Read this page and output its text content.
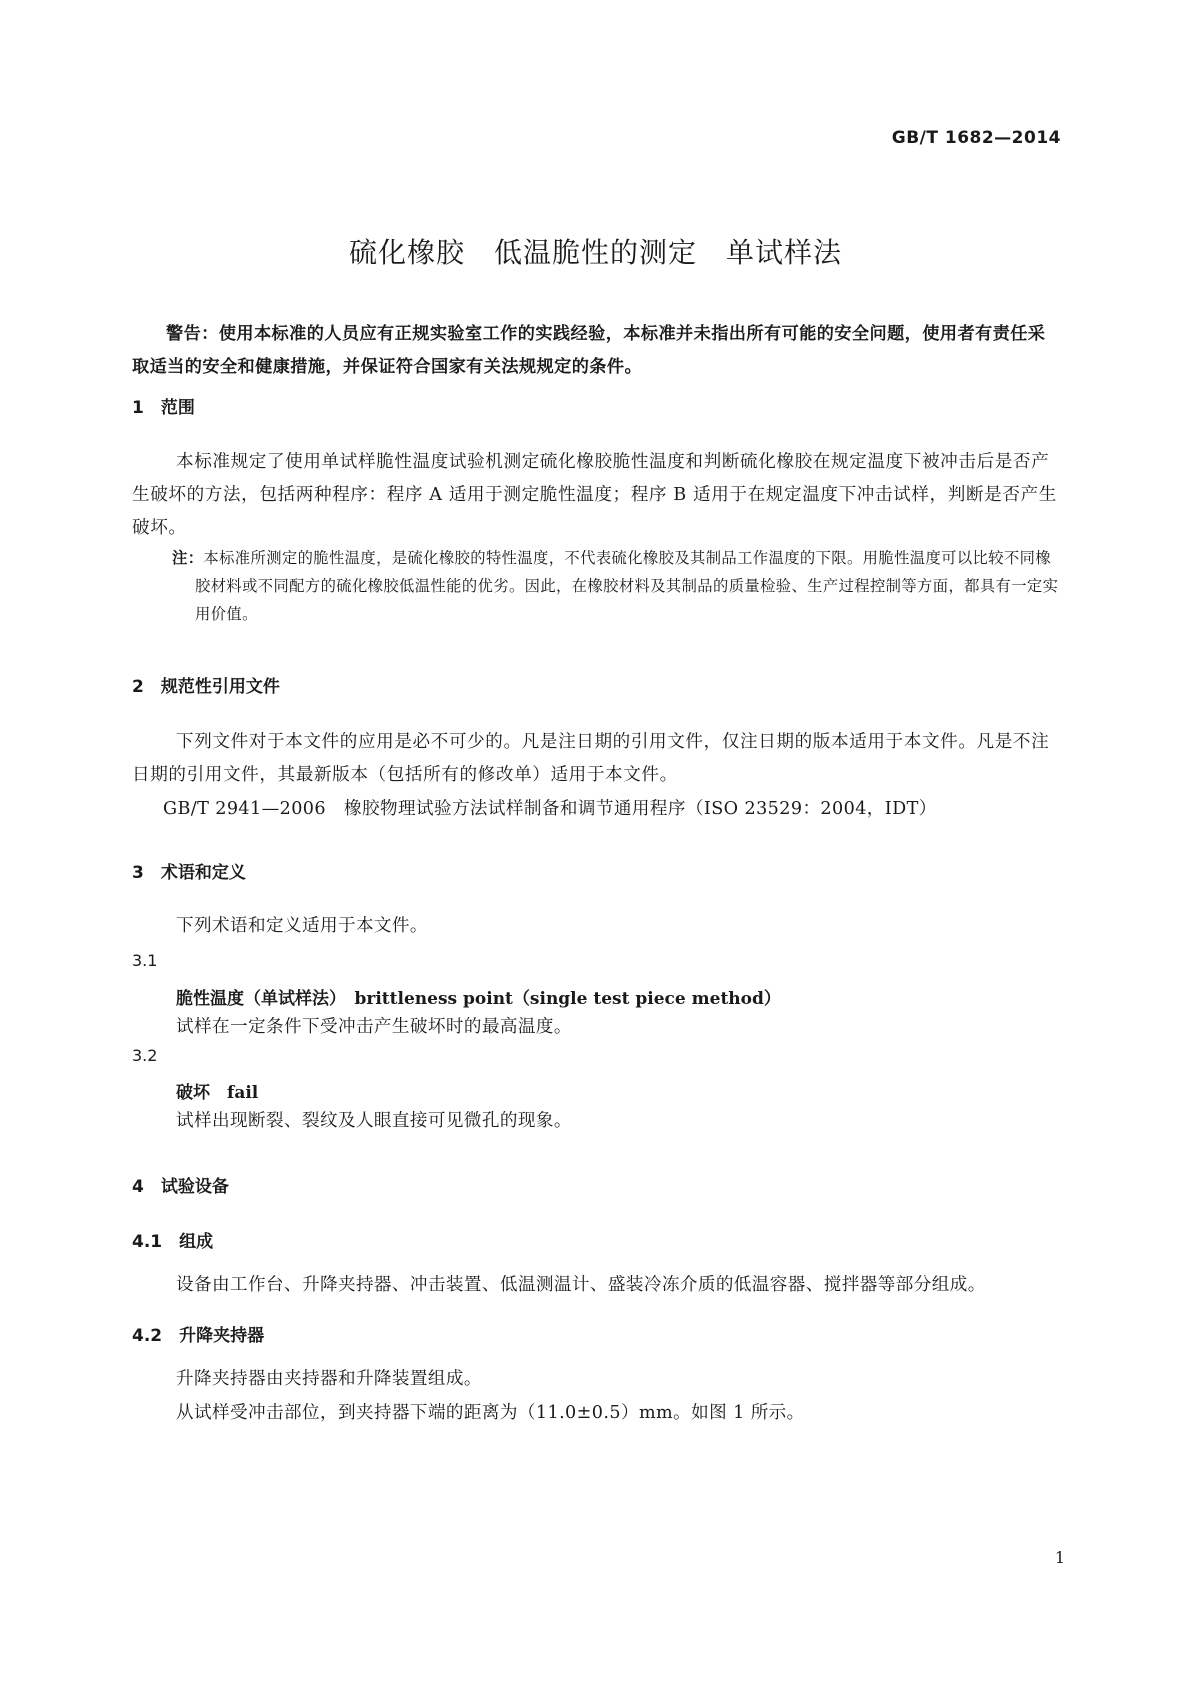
GB/T 1682—2014
硫化橡胶　低温脆性的测定　单试样法

警告：使用本标准的人员应有正规实验室工作的实践经验，本标准并未指出所有可能的安全问题，使用者有责任采取适当的安全和健康措施，并保证符合国家有关法规规定的条件。

1　范围

本标准规定了使用单试样脆性温度试验机测定硫化橡胶脆性温度和判断硫化橡胶在规定温度下被冲击后是否产生破坏的方法，包括两种程序：程序 A 适用于测定脆性温度；程序 B 适用于在规定温度下冲击试样，判断是否产生破坏。

注：本标准所测定的脆性温度，是硫化橡胶的特性温度，不代表硫化橡胶及其制品工作温度的下限。用脆性温度可以比较不同橡胶材料或不同配方的硫化橡胶低温性能的优劣。因此，在橡胶材料及其制品的质量检验、生产过程控制等方面，都具有一定实用价值。
2　规范性引用文件

下列文件对于本文件的应用是必不可少的。凡是注日期的引用文件，仅注日期的版本适用于本文件。凡是不注日期的引用文件，其最新版本（包括所有的修改单）适用于本文件。

GB/T 2941—2006　橡胶物理试验方法试样制备和调节通用程序（ISO 23529：2004，IDT）
3　术语和定义
下列术语和定义适用于本文件。
3.1
脆性温度（单试样法）　 brittleness point（single test piece method）
试样在一定条件下受冲击产生破坏时的最高温度。
3.2
破坏　 fail
试样出现断裂、裂纹及人眼直接可见微孔的现象。
4　试验设备
4.1　组成
设备由工作台、升降夹持器、冲击装置、低温测温计、盛装冷冻介质的低温容器、搅拌器等部分组成。
4.2　升降夹持器
升降夹持器由夹持器和升降装置组成。
从试样受冲击部位，到夹持器下端的距离为（11.0±0.5）mm。如图 1 所示。
1
